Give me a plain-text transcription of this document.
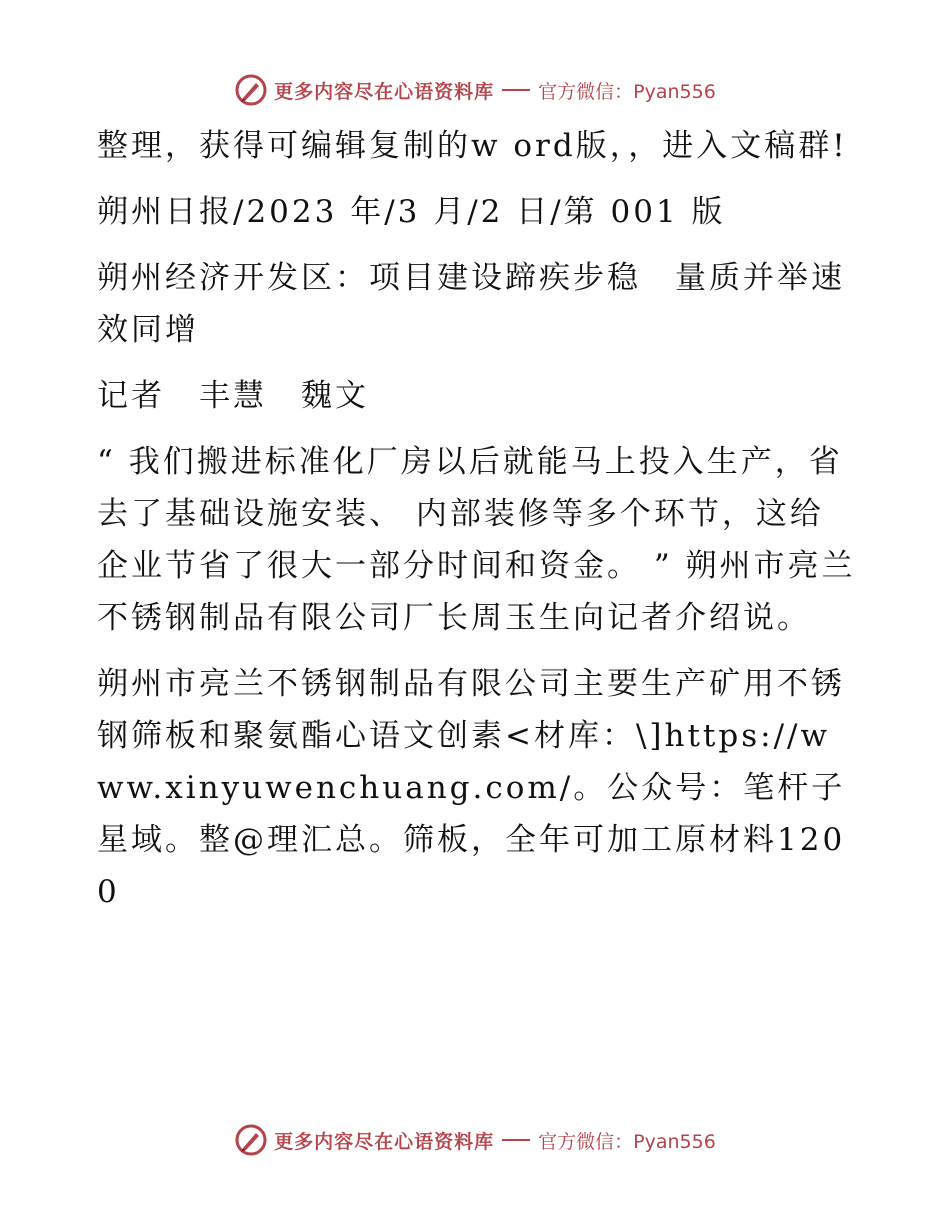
更多内容尽在心语资料库 官方微信：Pyan556

整理，获得可编辑复制的w ord版，，进入文稿群!

朔州日报/2023 年/3 月/2 日/第 001 版

朔州经济开发区：项目建设蹄疾步稳　量质并举速效同增

记者　丰慧　魏文

“ 我们搬进标准化厂房以后就能马上投入生产，省去了基础设施安装、 内部装修等多个环节，这给企业节省了很大一部分时间和资金。 ” 朔州市亮兰不锈钢制品有限公司厂长周玉生向记者介绍说。

朔州市亮兰不锈钢制品有限公司主要生产矿用不锈钢筛板和聚氨酯心语文创素<材库：\]https://www.xinyuwenchuang.com/。公众号：笔杆子星域。整@理汇总。筛板，全年可加工原材料1200

更多内容尽在心语资料库 官方微信：Pyan556
